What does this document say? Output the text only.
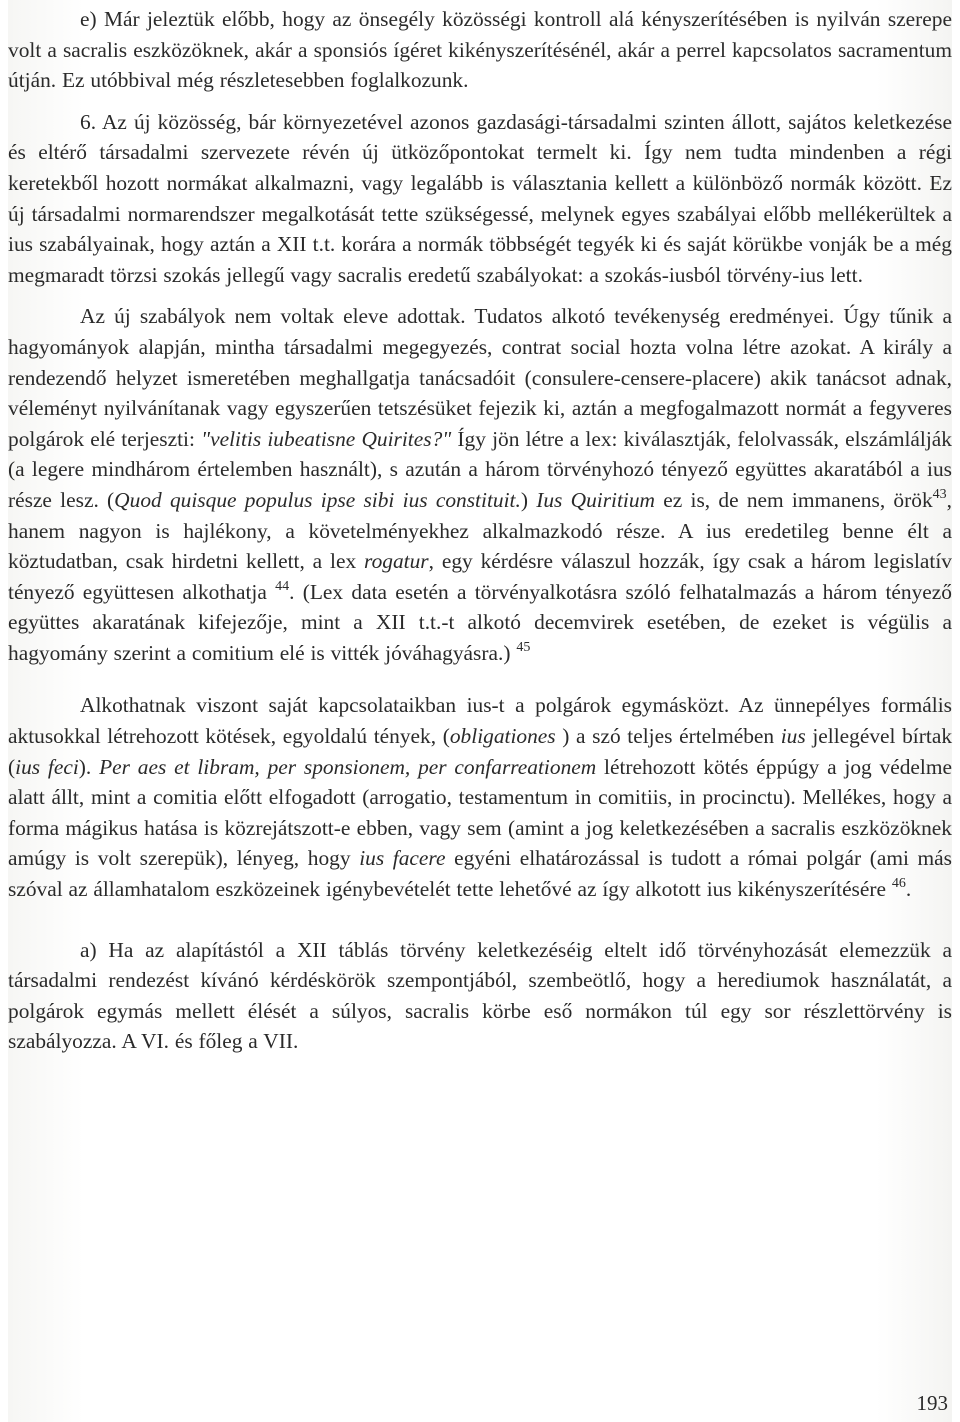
e) Már jeleztük előbb, hogy az önsegély közösségi kontroll alá kényszerítésében is nyilván szerepe volt a sacralis eszközöknek, akár a sponsiós ígéret kikényszerítésénél, akár a perrel kapcsolatos sacramentum útján. Ez utóbbival még részletesebben foglalkozunk.

6. Az új közösség, bár környezetével azonos gazdasági-társadalmi szinten állott, sajátos keletkezése és eltérő társadalmi szervezete révén új ütközőpontokat termelt ki. Így nem tudta mindenben a régi keretekből hozott normákat alkalmazni, vagy legalább is választania kellett a különböző normák között. Ez új társadalmi normarendszer megalkotását tette szükségessé, melynek egyes szabályai előbb mellékerültek a ius szabályainak, hogy aztán a XII t.t. korára a normák többségét tegyék ki és saját körükbe vonják be a még megmaradt törzsi szokás jellegű vagy sacralis eredetű szabályokat: a szokás-iusból törvény-ius lett.

Az új szabályok nem voltak eleve adottak. Tudatos alkotó tevékenység eredményei. Úgy tűnik a hagyományok alapján, mintha társadalmi megegyezés, contrat social hozta volna létre azokat. A király a rendezendő helyzet ismeretében meghallgatja tanácsadóit (consulere-censere-placere) akik tanácsot adnak, véleményt nyilvánítanak vagy egyszerűen tetszésüket fejezik ki, aztán a megfogalmazott normát a fegyveres polgárok elé terjeszti: "velitis iubeatisne Quirites?" Így jön létre a lex: kiválasztják, felolvassák, elszámlálják (a legere mindhárom értelemben használt), s azután a három törvényhozó tényező együttes akaratából a ius része lesz. (Quod quisque populus ipse sibi ius constituit.) Ius Quiritium ez is, de nem immanens, örök$^{43}$, hanem nagyon is hajlékony, a követelményekhez alkalmazkodó része. A ius eredetileg benne élt a köztudatban, csak hirdetni kellett, a lex rogatur, egy kérdésre válaszul hozzák, így csak a három legislatív tényező együttesen alkothatja $^{44}$. (Lex data esetén a törvényalkotásra szóló felhatalmazás a három tényező együttes akaratának kifejezője, mint a XII t.t.-t alkotó decemvirek esetében, de ezeket is végülis a hagyomány szerint a comitium elé is vitték jóváhagyásra.) $^{45}$

Alkothatnak viszont saját kapcsolataikban ius-t a polgárok egymásközt. Az ünnepélyes formális aktusokkal létrehozott kötések, egyoldalú tények, (obligationes ) a szó teljes értelmében ius jellegével bírtak (ius feci). Per aes et libram, per sponsionem, per confarreationem létrehozott kötés éppúgy a jog védelme alatt állt, mint a comitia előtt elfogadott (arrogatio, testamentum in comitiis, in procinctu). Mellékes, hogy a forma mágikus hatása is közrejátszott-e ebben, vagy sem (amint a jog keletkezésében a sacralis eszközöknek amúgy is volt szerepük), lényeg, hogy ius facere egyéni elhatározással is tudott a római polgár (ami más szóval az államhatalom eszközeinek igénybevételét tette lehetővé az így alkotott ius kikényszerítésére $^{46}$.

a) Ha az alapítástól a XII táblás törvény keletkezéséig eltelt idő törvényhozását elemezzük a társadalmi rendezést kívánó kérdéskörök szempontjából, szembeötlő, hogy a herediumok használatát, a polgárok egymás mellett élését a súlyos, sacralis körbe eső normákon túl egy sor részlettörvény is szabályozza. A VI. és főleg a VII.

193
